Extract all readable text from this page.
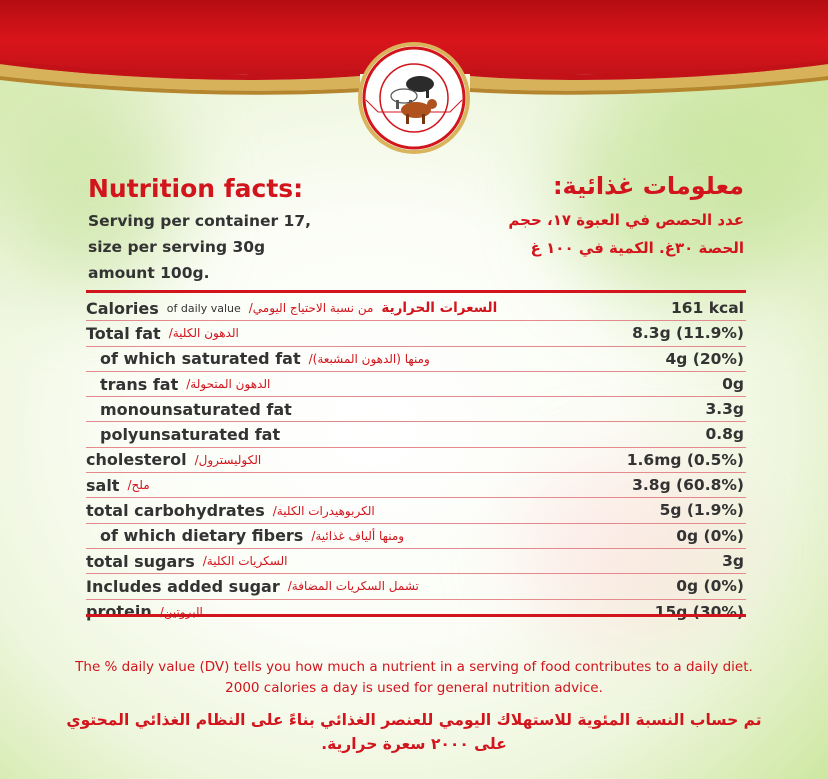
Nutrition facts:	معلومات غذائية:
Serving per container 17,
size per serving 30g
amount 100g.
عدد الحصص في العبوة ١٧، حجم
الحصة ٣٠غ. الكمية في ١٠٠ غ
Calories of daily value من نسبة الاحتياج اليومي/ السعرات الحرارية	161 kcal
Total fat الدهون الكلية/	8.3g (11.9%)
of which saturated fat ومنها (الدهون المشبعة)/	4g (20%)
trans fat الدهون المتحولة/	0g
monounsaturated fat	3.3g
polyunsaturated fat	0.8g
cholesterol الكوليسترول/	1.6mg (0.5%)
salt ملح/	3.8g (60.8%)
total carbohydrates الكربوهيدرات الكلية/	5g (1.9%)
of which dietary fibers ومنها ألياف غذائية/	0g (0%)
total sugars السكريات الكلية/	3g
Includes added sugar تشمل السكريات المضافة/	0g (0%)
protein البروتين/	15g (30%)
The % daily value (DV) tells you how much a nutrient in a serving of food contributes to a daily diet. 2000 calories a day is used for general nutrition advice.
تم حساب النسبة المئوية للاستهلاك اليومي للعنصر الغذائي بناءً على النظام الغذائي المحتوي على ٢٠٠٠ سعرة حرارية.
